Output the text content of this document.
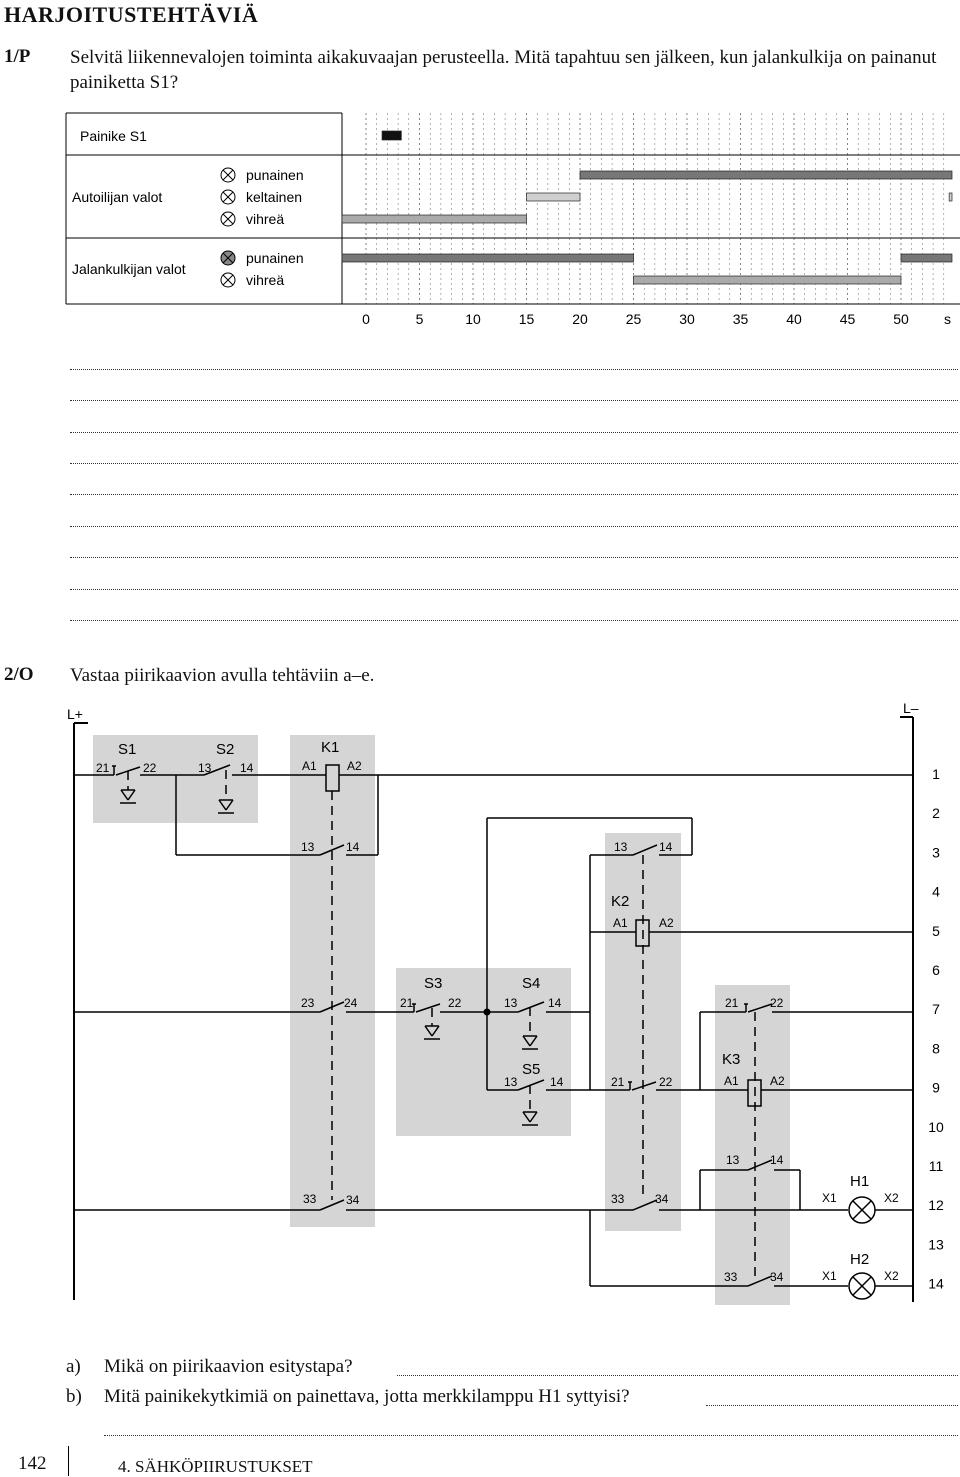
HARJOITUSTEHTÄVIÄ
1/P Selvitä liikennevalojen toiminta aikakuvaajan perusteella. Mitä tapahtuu sen jälkeen, kun jalankulkija on painanut painiketta S1?
Painike S1
Autoilijan valot
Jalankulkijan valot
punainen
keltainen
vihreä
punainen
vihreä
0	5	10	15	20	25	30	35	40	45	50	s
2/O Vastaa piirikaavion avulla tehtäviin a–e.
L+	L–
1
2
3
4
5
6
7
8
9
10
11
12
13
14
S1	S2	K1
K2
S3	S4
S5
K3
H1
H2
21	22	13 14	A1	A2
13	14	13	14
A1	A2
23 24	21	22	13	14	21	22
13	14	21	22	A1	A2
13	14
33 34	33	34	X1	X2
33	34	X1	X2
a) Mikä on piirikaavion esitystapa?
b) Mitä painikekytkimiä on painettava, jotta merkkilamppu H1 syttyisi?
142	4. SÄHKÖPIIRUSTUKSET
